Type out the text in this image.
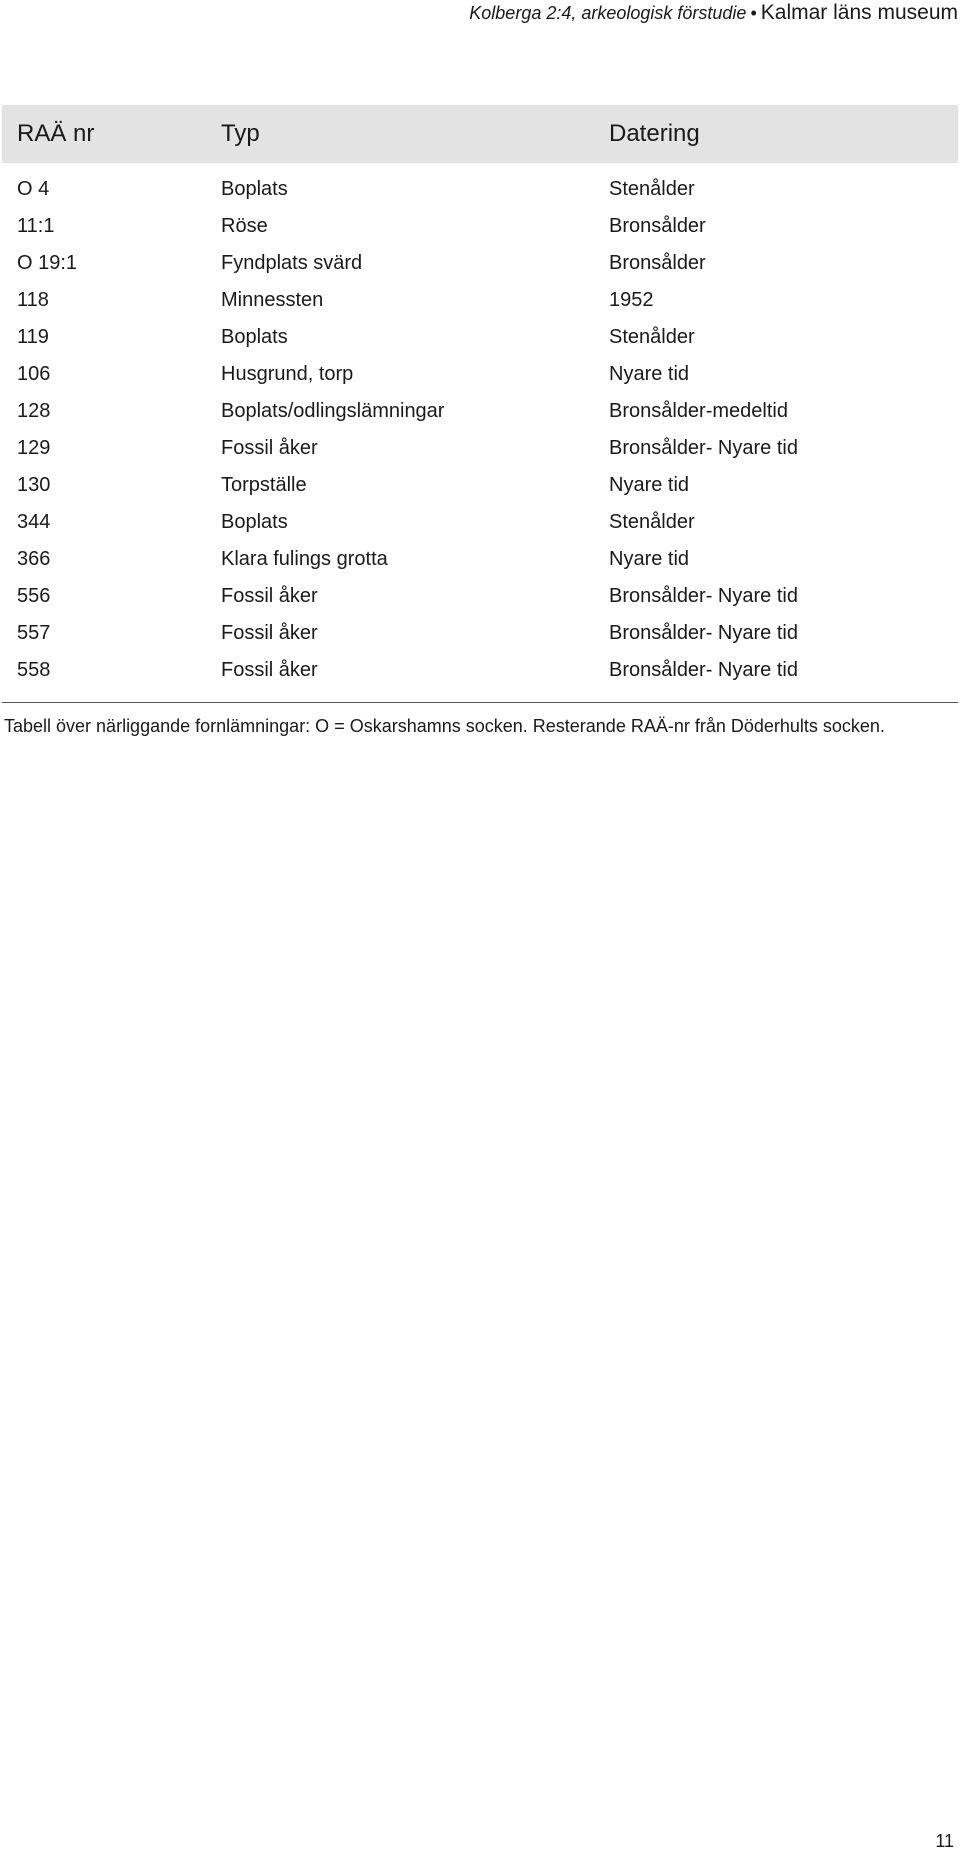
Kolberga 2:4, arkeologisk förstudie • Kalmar läns museum
RAÄ nr	Typ	Datering
O 4	Boplats	Stenålder
11:1	Röse	Bronsålder
O 19:1	Fyndplats svärd	Bronsålder
118	Minnessten	1952
119	Boplats	Stenålder
106	Husgrund, torp	Nyare tid
128	Boplats/odlingslämningar	Bronsålder-medeltid
129	Fossil åker	Bronsålder- Nyare tid
130	Torpställe	Nyare tid
344	Boplats	Stenålder
366	Klara fulings grotta	Nyare tid
556	Fossil åker	Bronsålder- Nyare tid
557	Fossil åker	Bronsålder- Nyare tid
558	Fossil åker	Bronsålder- Nyare tid
Tabell över närliggande fornlämningar: O = Oskarshamns socken. Resterande RAÄ-nr från Döderhults socken.
11
